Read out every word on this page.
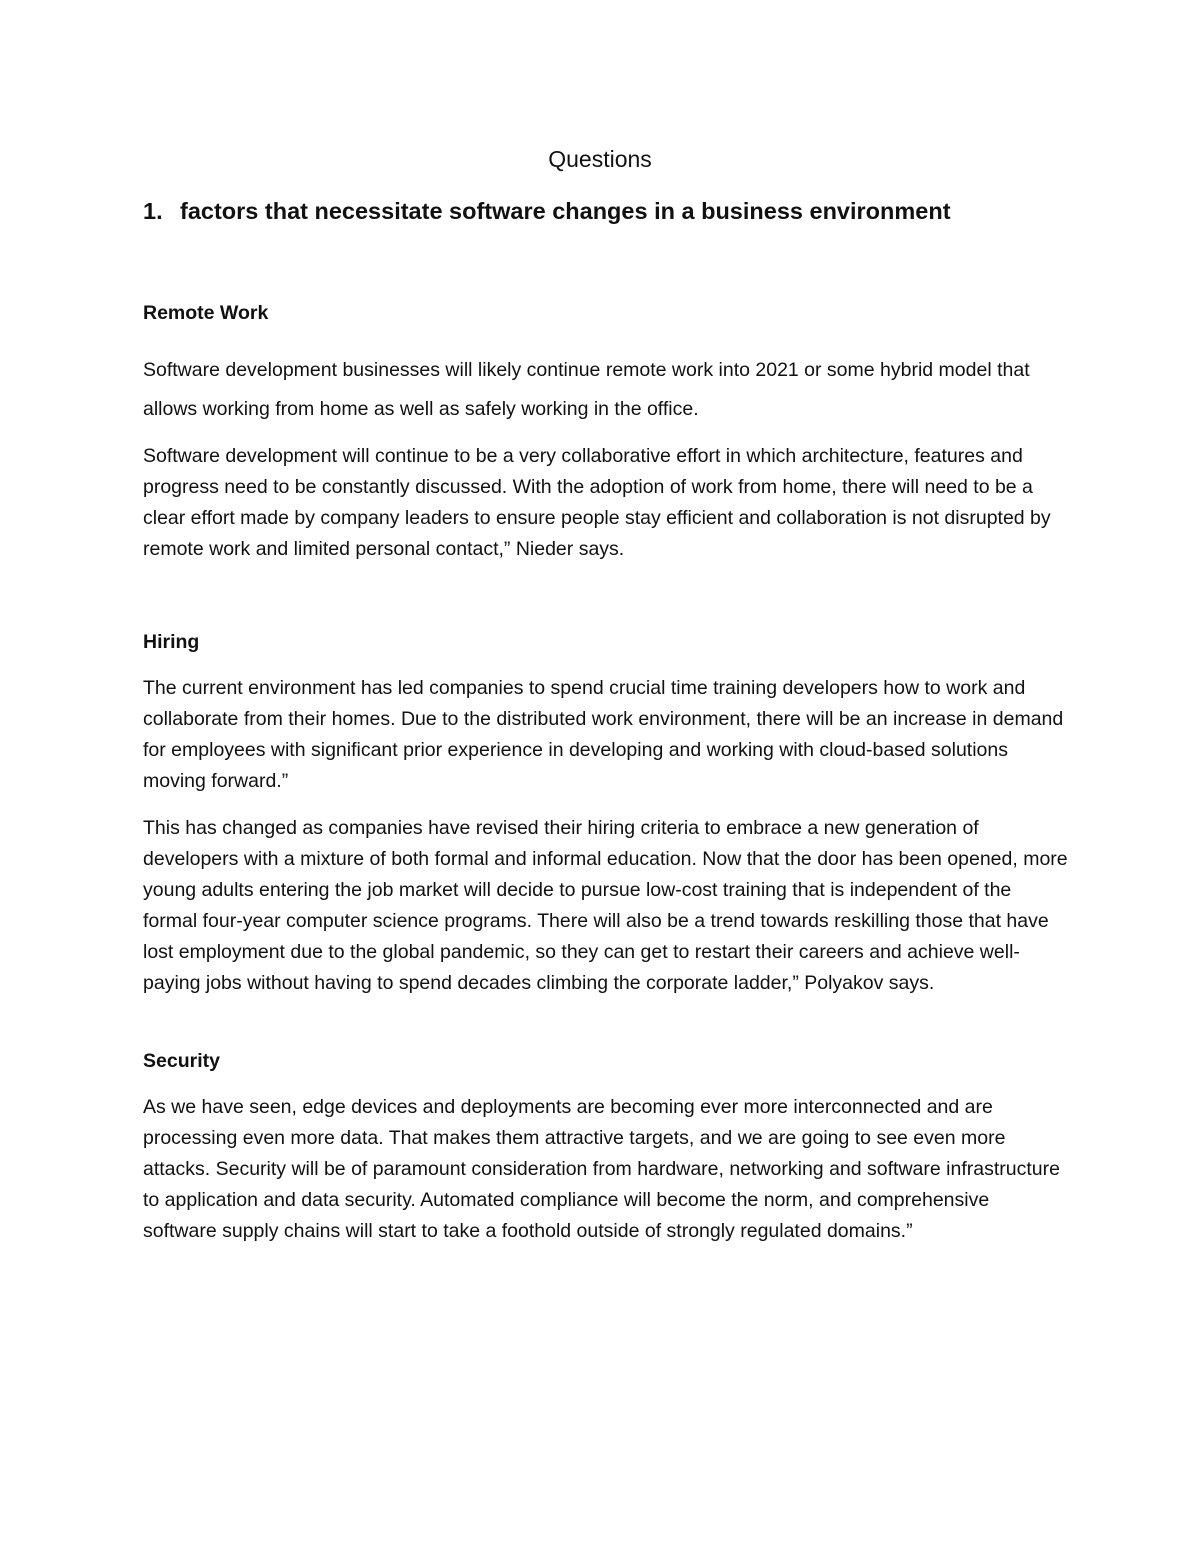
Questions
1. factors that necessitate software changes in a business environment
Remote Work

Software development businesses will likely continue remote work into 2021 or some hybrid model that allows working from home as well as safely working in the office.

Software development will continue to be a very collaborative effort in which architecture, features and progress need to be constantly discussed. With the adoption of work from home, there will need to be a clear effort made by company leaders to ensure people stay efficient and collaboration is not disrupted by remote work and limited personal contact,” Nieder says.

Hiring

The current environment has led companies to spend crucial time training developers how to work and collaborate from their homes. Due to the distributed work environment, there will be an increase in demand for employees with significant prior experience in developing and working with cloud-based solutions moving forward.”

This has changed as companies have revised their hiring criteria to embrace a new generation of developers with a mixture of both formal and informal education. Now that the door has been opened, more young adults entering the job market will decide to pursue low-cost training that is independent of the formal four-year computer science programs. There will also be a trend towards reskilling those that have lost employment due to the global pandemic, so they can get to restart their careers and achieve well-paying jobs without having to spend decades climbing the corporate ladder,” Polyakov says.

Security

As we have seen, edge devices and deployments are becoming ever more interconnected and are processing even more data. That makes them attractive targets, and we are going to see even more attacks. Security will be of paramount consideration from hardware, networking and software infrastructure to application and data security. Automated compliance will become the norm, and comprehensive software supply chains will start to take a foothold outside of strongly regulated domains.”
